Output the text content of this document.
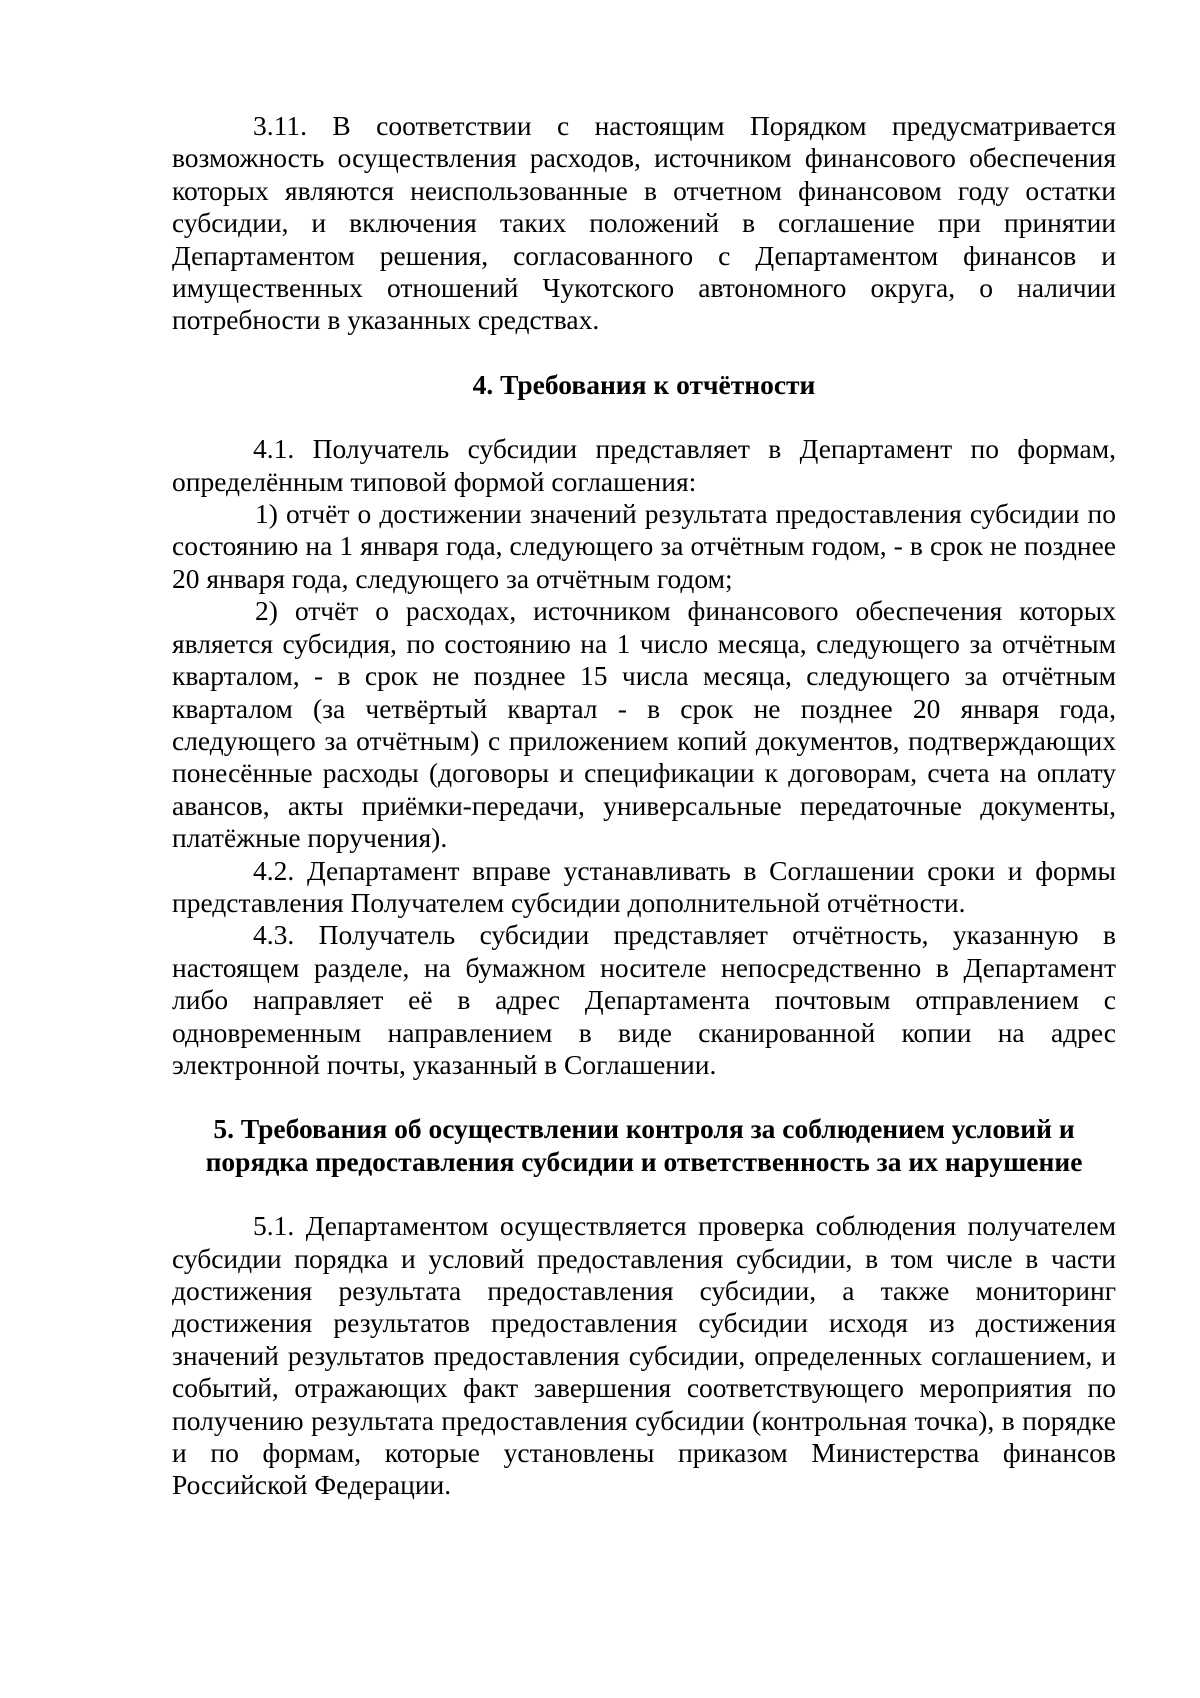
3.11. В соответствии с настоящим Порядком предусматривается возможность осуществления расходов, источником финансового обеспечения которых являются неиспользованные в отчетном финансовом году остатки субсидии, и включения таких положений в соглашение при принятии Департаментом решения, согласованного с Департаментом финансов и имущественных отношений Чукотского автономного округа, о наличии потребности в указанных средствах.

4. Требования к отчётности

4.1. Получатель субсидии представляет в Департамент по формам, определённым типовой формой соглашения:

1) отчёт о достижении значений результата предоставления субсидии по состоянию на 1 января года, следующего за отчётным годом, - в срок не позднее 20 января года, следующего за отчётным годом;

2) отчёт о расходах, источником финансового обеспечения которых является субсидия, по состоянию на 1 число месяца, следующего за отчётным кварталом, - в срок не позднее 15 числа месяца, следующего за отчётным кварталом (за четвёртый квартал - в срок не позднее 20 января года, следующего за отчётным) с приложением копий документов, подтверждающих понесённые расходы (договоры и спецификации к договорам, счета на оплату авансов, акты приёмки-передачи, универсальные передаточные документы, платёжные поручения).

4.2. Департамент вправе устанавливать в Соглашении сроки и формы представления Получателем субсидии дополнительной отчётности.

4.3. Получатель субсидии представляет отчётность, указанную в настоящем разделе, на бумажном носителе непосредственно в Департамент либо направляет её в адрес Департамента почтовым отправлением с одновременным направлением в виде сканированной копии на адрес электронной почты, указанный в Соглашении.

5. Требования об осуществлении контроля за соблюдением условий и
порядка предоставления субсидии и ответственность за их нарушение

5.1. Департаментом осуществляется проверка соблюдения получателем субсидии порядка и условий предоставления субсидии, в том числе в части достижения результата предоставления субсидии, а также мониторинг достижения результатов предоставления субсидии исходя из достижения значений результатов предоставления субсидии, определенных соглашением, и событий, отражающих факт завершения соответствующего мероприятия по получению результата предоставления субсидии (контрольная точка), в порядке и по формам, которые установлены приказом Министерства финансов Российской Федерации.
